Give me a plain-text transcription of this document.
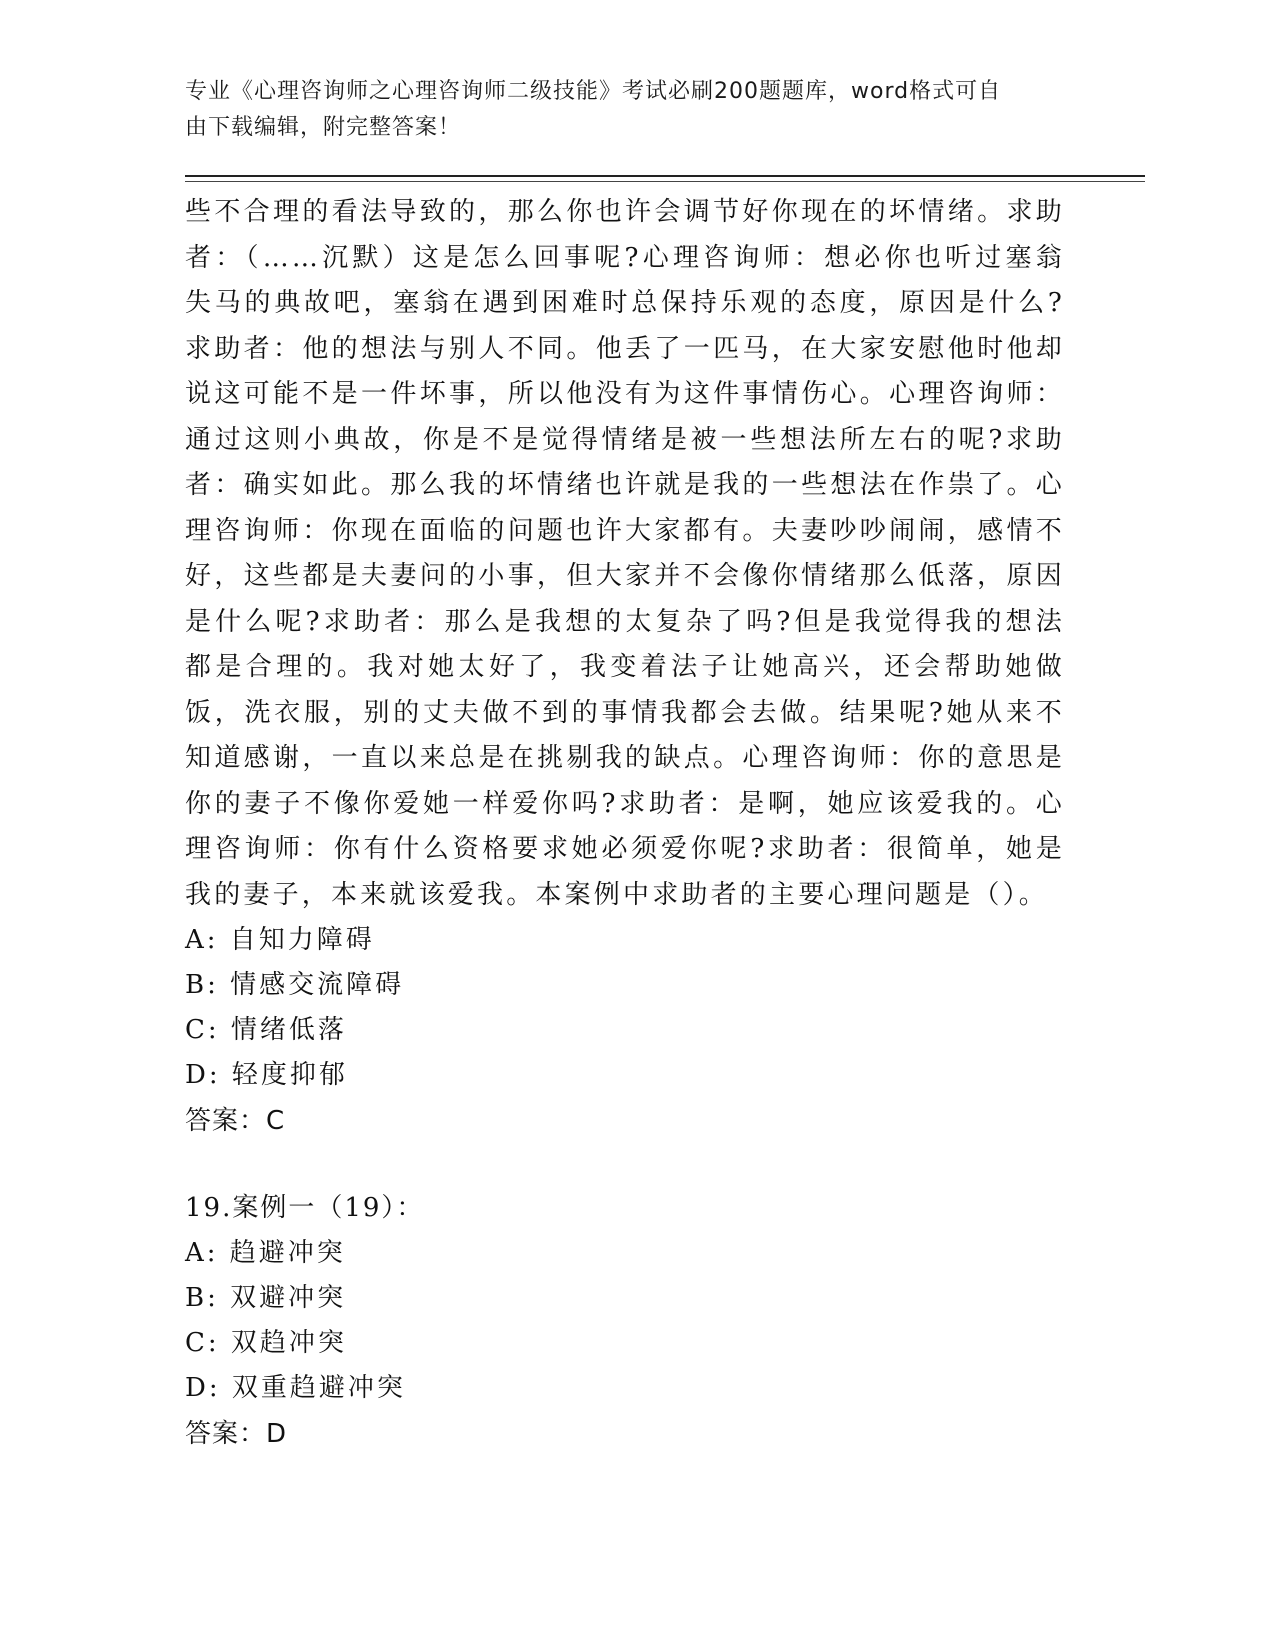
专业《心理咨询师之心理咨询师二级技能》考试必刷200题题库，word格式可自
由下载编辑，附完整答案！

些不合理的看法导致的，那么你也许会调节好你现在的坏情绪。求助者：（……沉默）这是怎么回事呢?心理咨询师：想必你也听过塞翁失马的典故吧，塞翁在遇到困难时总保持乐观的态度，原因是什么?求助者：他的想法与别人不同。他丢了一匹马，在大家安慰他时他却说这可能不是一件坏事，所以他没有为这件事情伤心。心理咨询师：通过这则小典故，你是不是觉得情绪是被一些想法所左右的呢?求助者：确实如此。那么我的坏情绪也许就是我的一些想法在作祟了。心理咨询师：你现在面临的问题也许大家都有。夫妻吵吵闹闹，感情不好，这些都是夫妻问的小事，但大家并不会像你情绪那么低落，原因是什么呢?求助者：那么是我想的太复杂了吗?但是我觉得我的想法都是合理的。我对她太好了，我变着法子让她高兴，还会帮助她做饭，洗衣服，别的丈夫做不到的事情我都会去做。结果呢?她从来不知道感谢，一直以来总是在挑剔我的缺点。心理咨询师：你的意思是你的妻子不像你爱她一样爱你吗?求助者：是啊，她应该爱我的。心理咨询师：你有什么资格要求她必须爱你呢?求助者：很简单，她是我的妻子，本来就该爱我。本案例中求助者的主要心理问题是（）。

A: 自知力障碍

B: 情感交流障碍

C: 情绪低落

D: 轻度抑郁

答案：C

19.案例一（19）：

A: 趋避冲突

B: 双避冲突

C: 双趋冲突

D: 双重趋避冲突

答案：D
